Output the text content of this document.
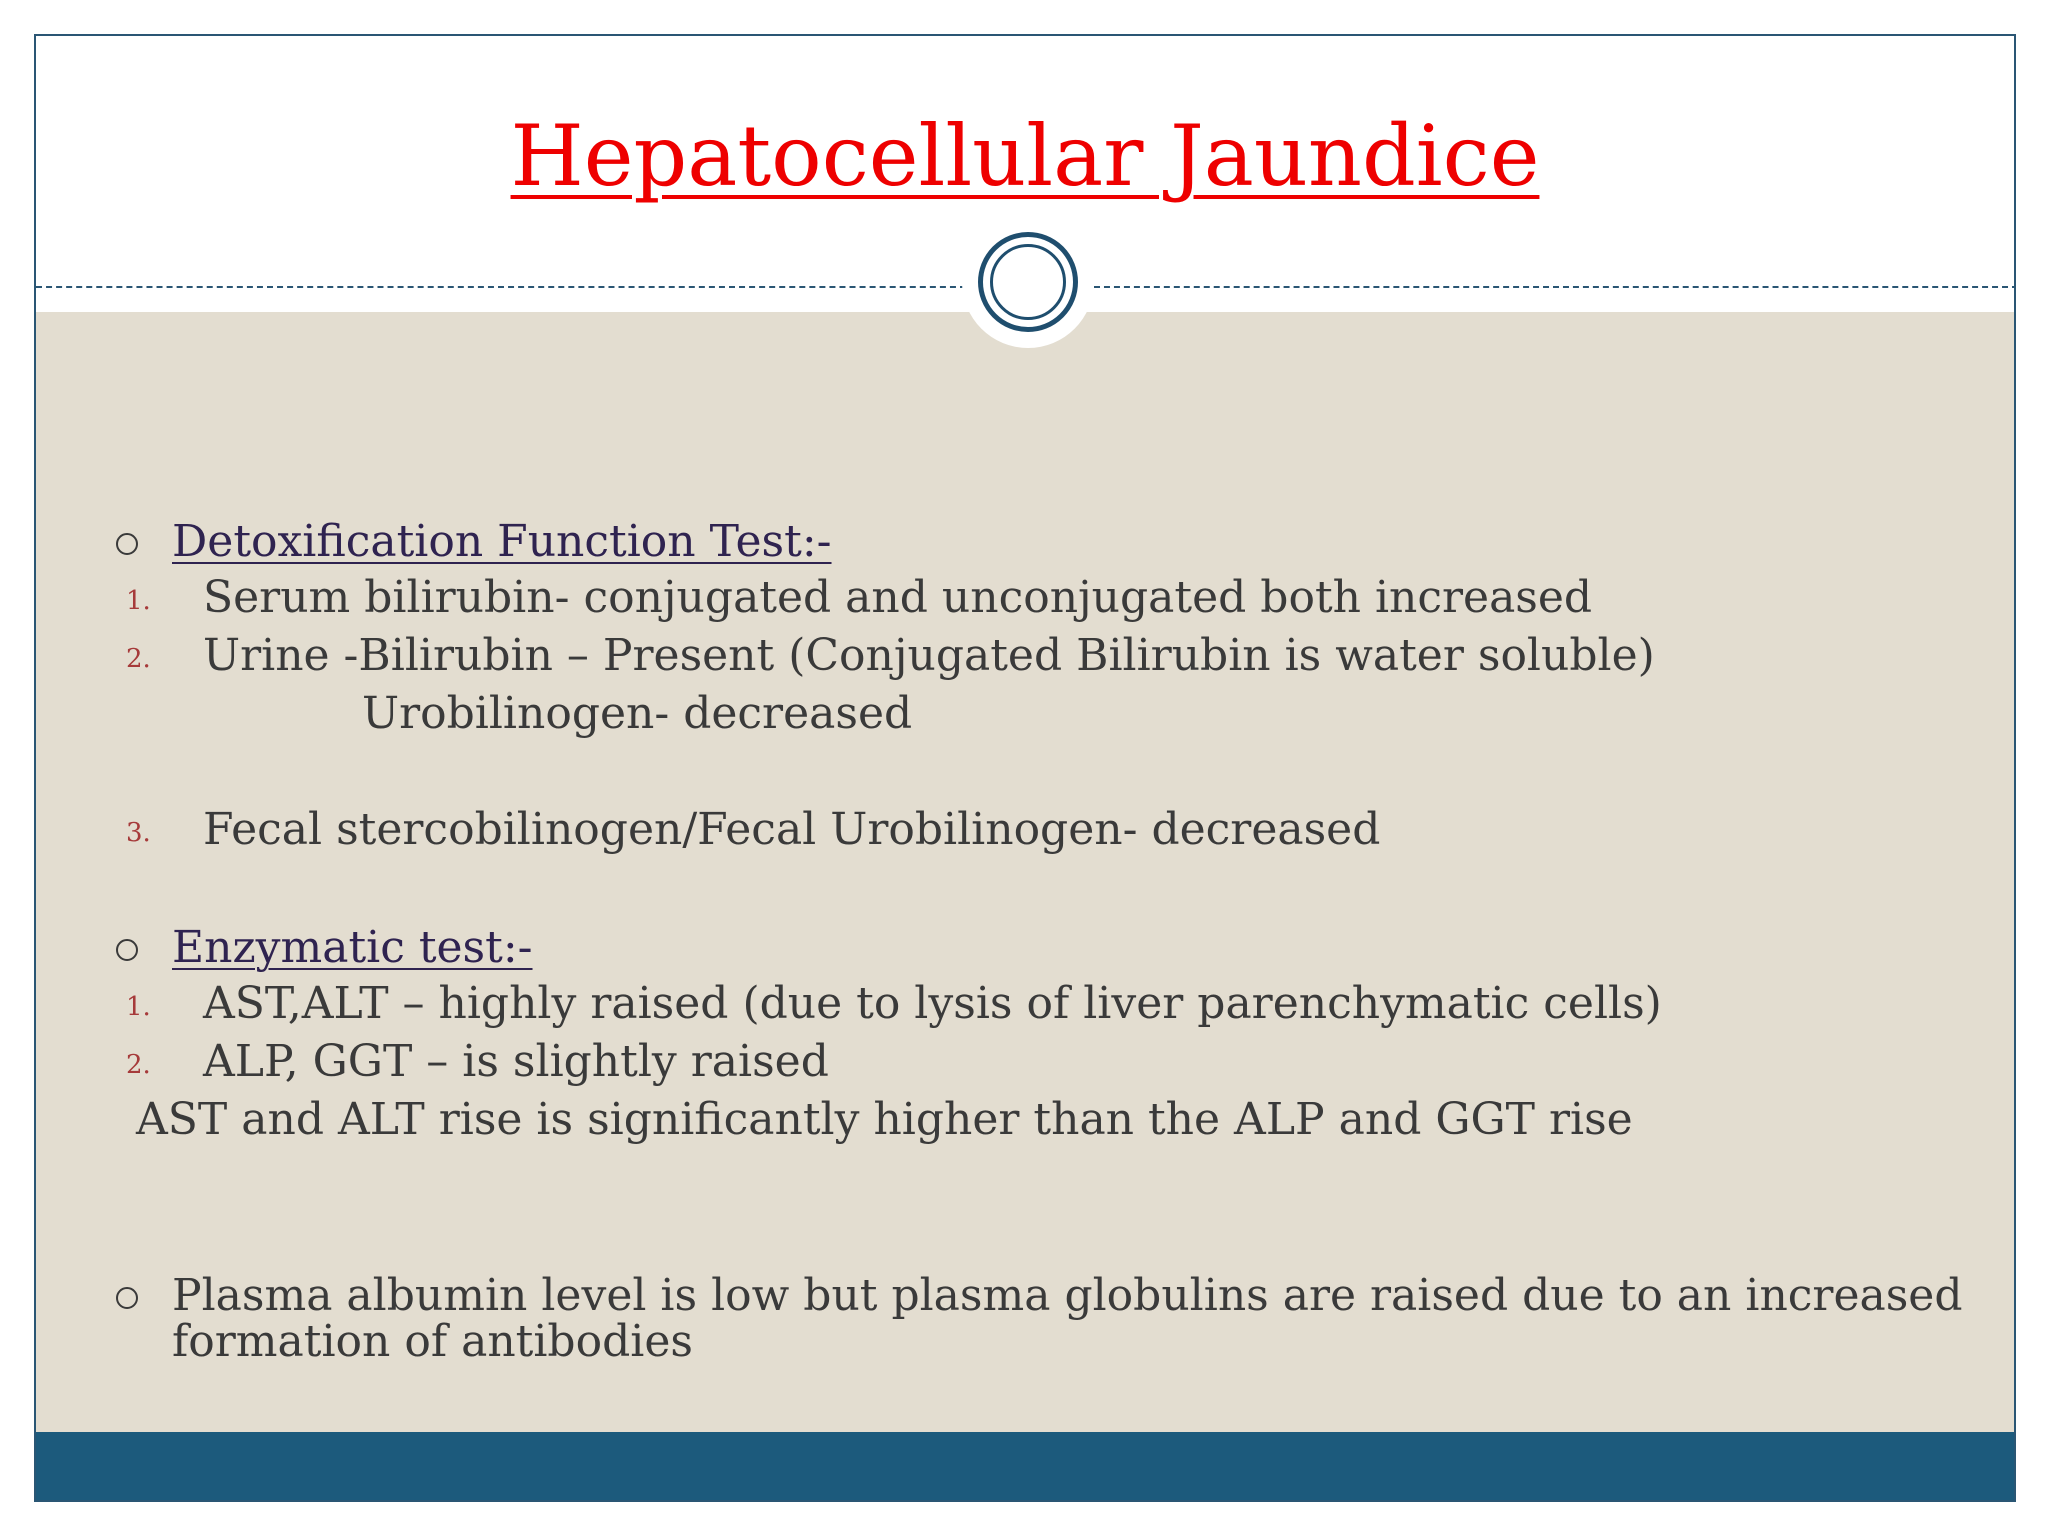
Hepatocellular Jaundice
Detoxification Function Test:-
1. Serum bilirubin- conjugated and unconjugated both increased
2. Urine -Bilirubin – Present (Conjugated Bilirubin is water soluble)
Urobilinogen- decreased
3. Fecal stercobilinogen/Fecal Urobilinogen- decreased
Enzymatic test:-
1. AST,ALT – highly raised (due to lysis of liver parenchymatic cells)
2. ALP, GGT – is slightly raised
AST and ALT rise is significantly higher than the ALP and GGT rise
Plasma albumin level is low but plasma globulins are raised due to an increased
formation of antibodies
